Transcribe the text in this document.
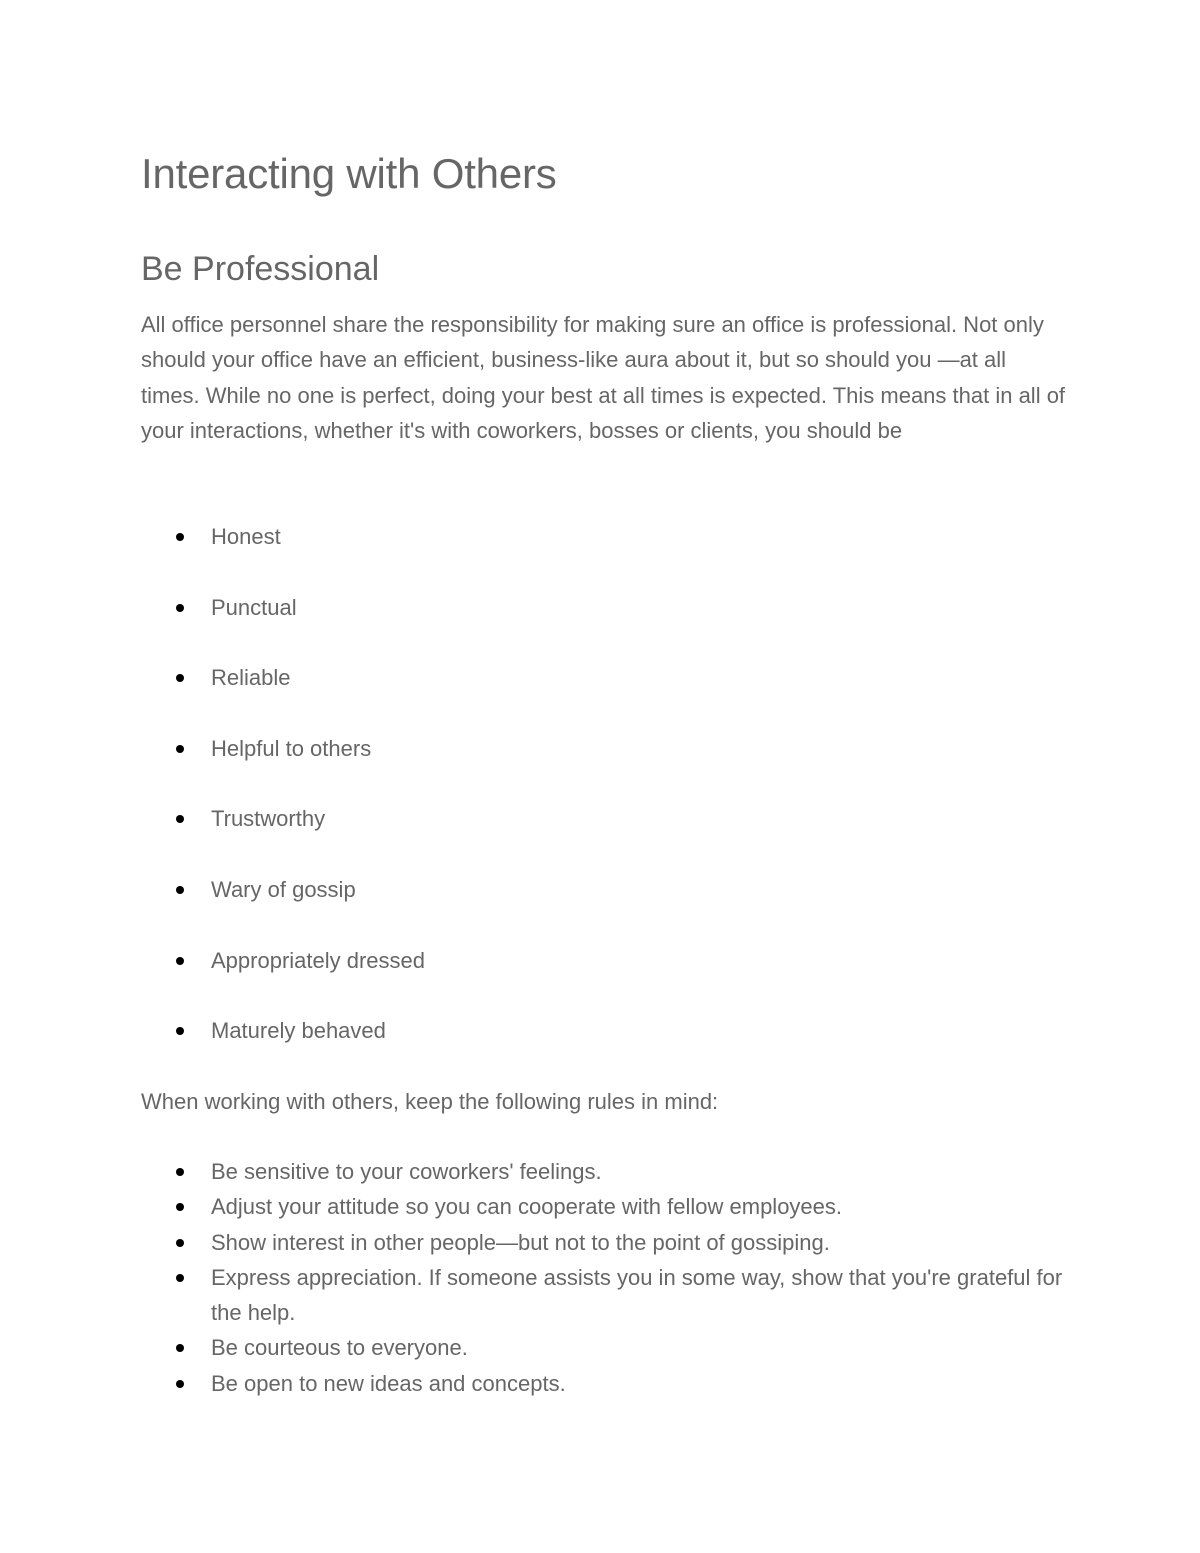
Interacting with Others
Be Professional

All office personnel share the responsibility for making sure an office is professional. Not only should your office have an efficient, business-like aura about it, but so should you —at all times. While no one is perfect, doing your best at all times is expected. This means that in all of your interactions, whether it's with coworkers, bosses or clients, you should be

Honest
Punctual
Reliable
Helpful to others
Trustworthy
Wary of gossip
Appropriately dressed
Maturely behaved

When working with others, keep the following rules in mind:

Be sensitive to your coworkers' feelings.
Adjust your attitude so you can cooperate with fellow employees.
Show interest in other people—but not to the point of gossiping.
Express appreciation. If someone assists you in some way, show that you're grateful for the help.
Be courteous to everyone.
Be open to new ideas and concepts.
